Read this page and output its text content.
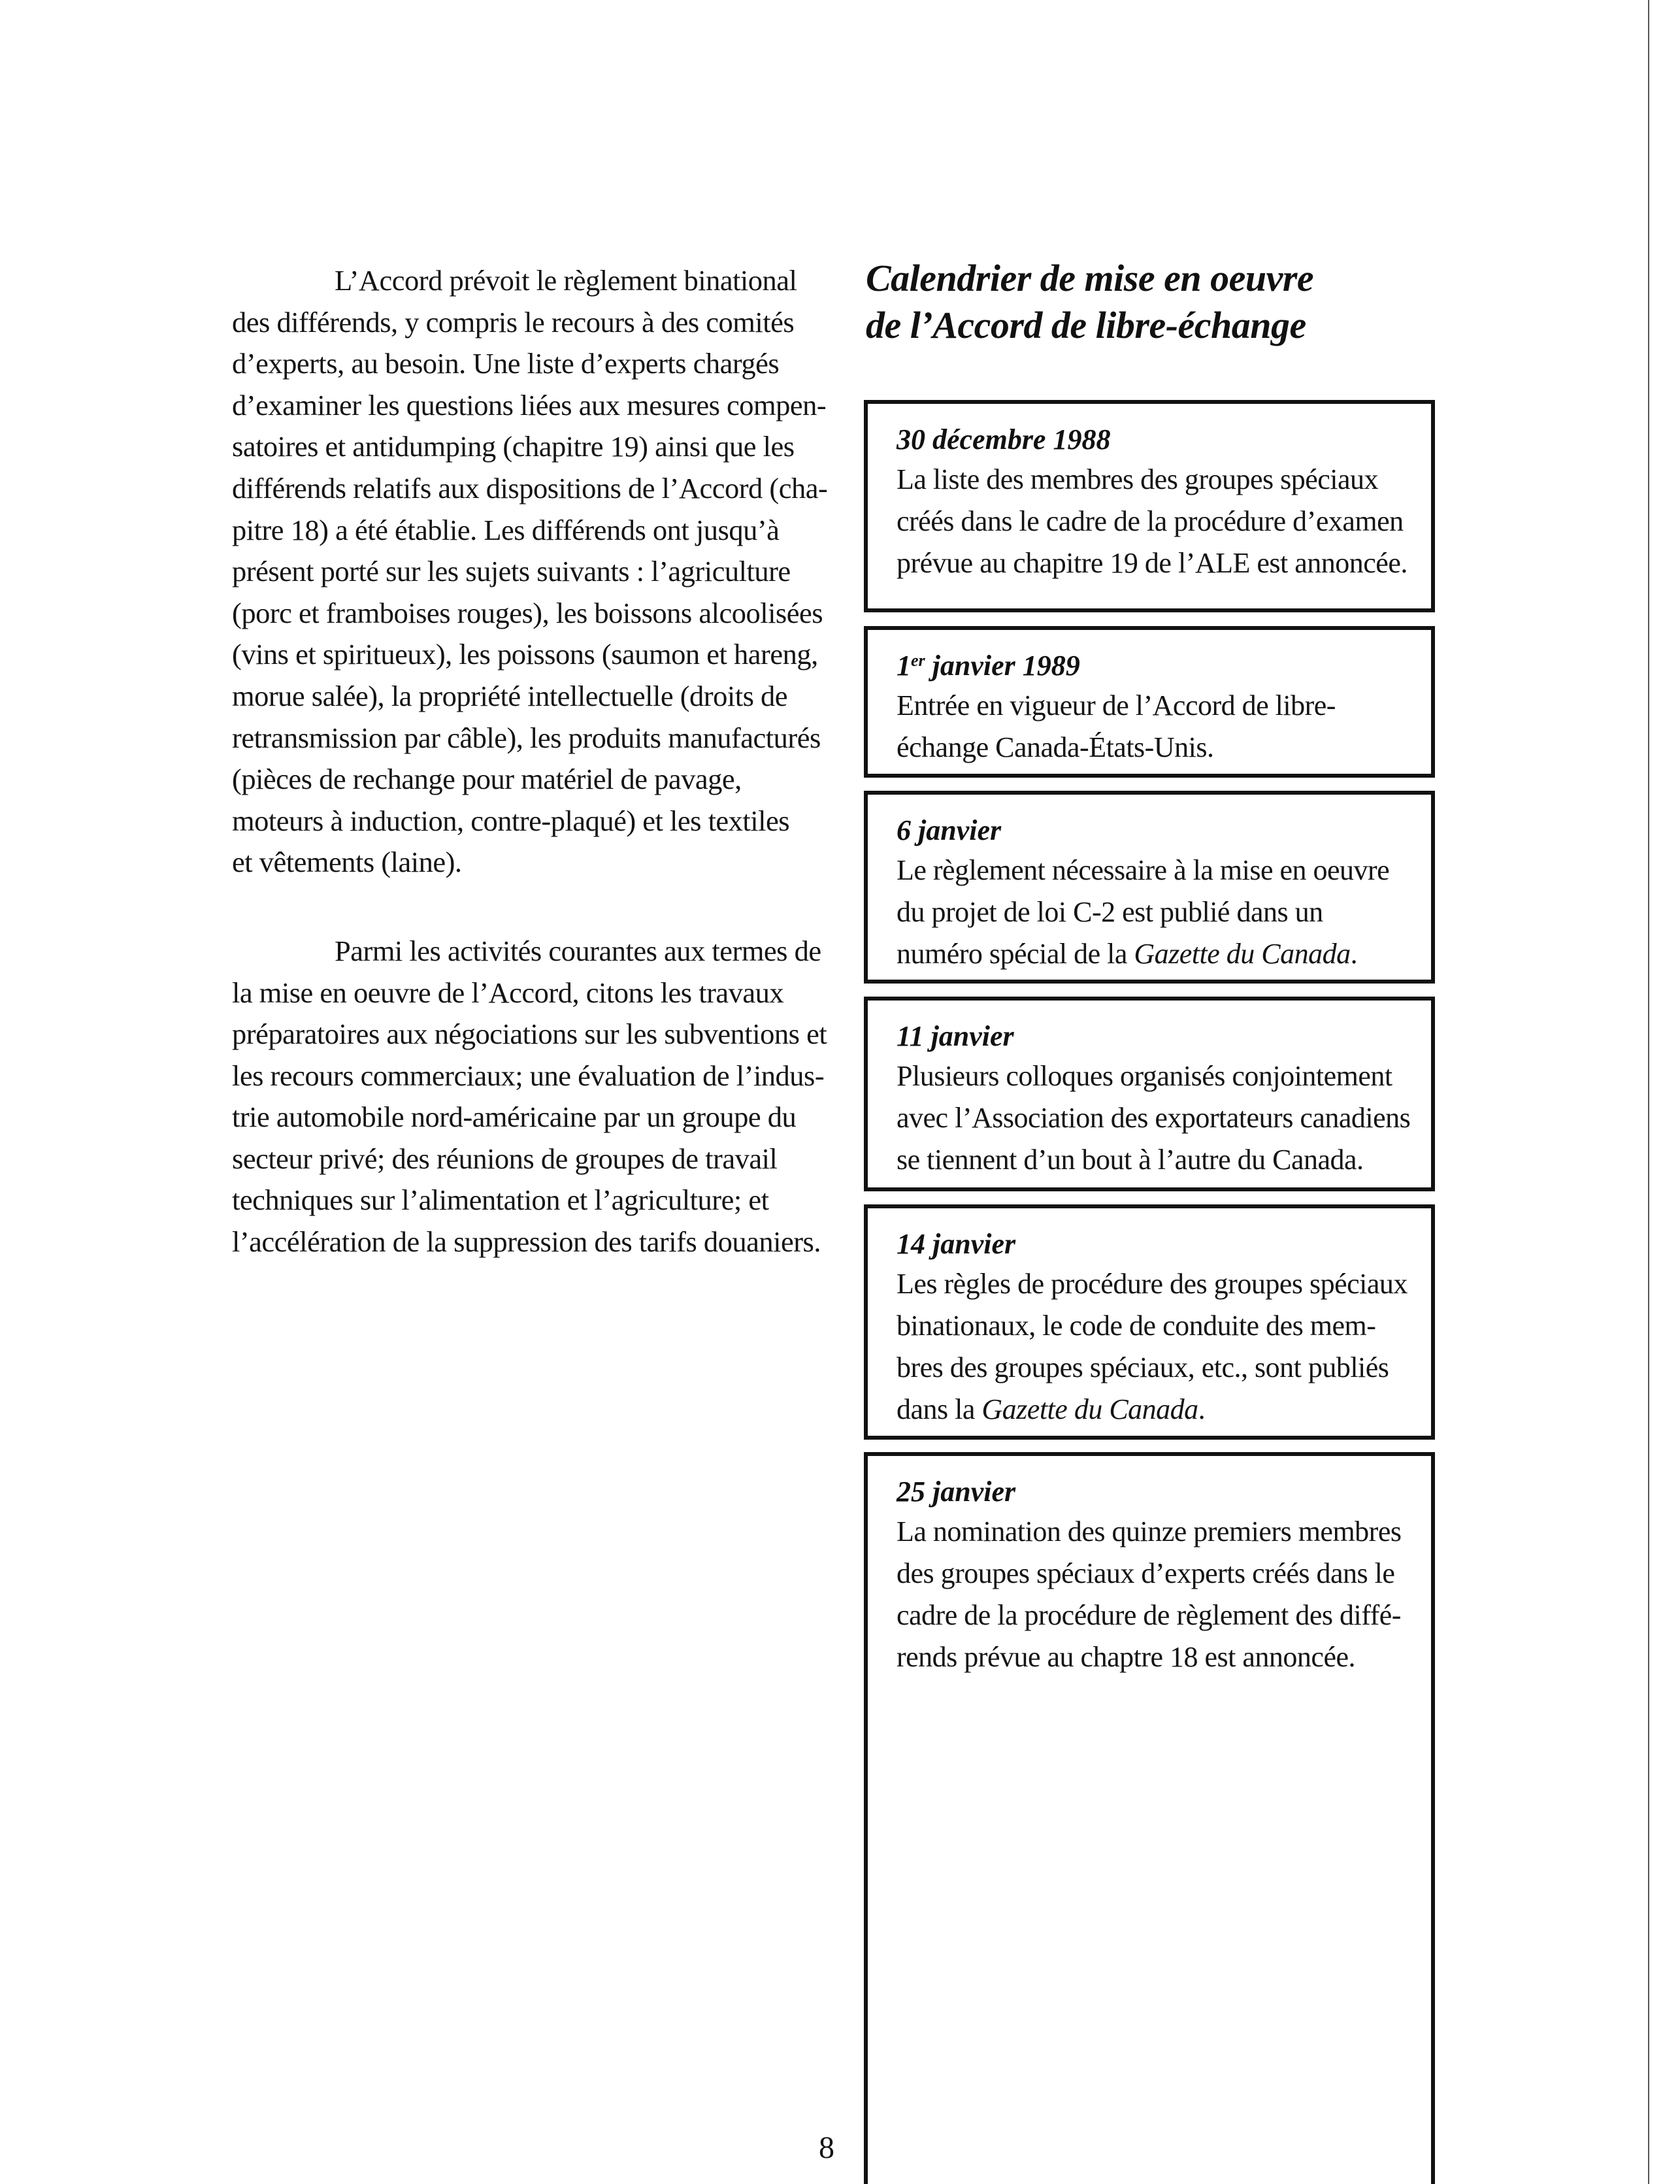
L’Accord prévoit le règlement binational
des différends, y compris le recours à des comités
d’experts, au besoin. Une liste d’experts chargés
d’examiner les questions liées aux mesures compen-
satoires et antidumping (chapitre 19) ainsi que les
différends relatifs aux dispositions de l’Accord (cha-
pitre 18) a été établie. Les différends ont jusqu’à
présent porté sur les sujets suivants : l’agriculture
(porc et framboises rouges), les boissons alcoolisées
(vins et spiritueux), les poissons (saumon et hareng,
morue salée), la propriété intellectuelle (droits de
retransmission par câble), les produits manufacturés
(pièces de rechange pour matériel de pavage,
moteurs à induction, contre-plaqué) et les textiles
et vêtements (laine).
Parmi les activités courantes aux termes de
la mise en oeuvre de l’Accord, citons les travaux
préparatoires aux négociations sur les subventions et
les recours commerciaux; une évaluation de l’indus-
trie automobile nord-américaine par un groupe du
secteur privé; des réunions de groupes de travail
techniques sur l’alimentation et l’agriculture; et
l’accélération de la suppression des tarifs douaniers.
Calendrier de mise en oeuvre
de l’Accord de libre-échange
30 décembre 1988
La liste des membres des groupes spéciaux
créés dans le cadre de la procédure d’examen
prévue au chapitre 19 de l’ALE est annoncée.
1er janvier 1989
Entrée en vigueur de l’Accord de libre-
échange Canada-États-Unis.
6 janvier
Le règlement nécessaire à la mise en oeuvre
du projet de loi C-2 est publié dans un
numéro spécial de la Gazette du Canada.
11 janvier
Plusieurs colloques organisés conjointement
avec l’Association des exportateurs canadiens
se tiennent d’un bout à l’autre du Canada.
14 janvier
Les règles de procédure des groupes spéciaux
binationaux, le code de conduite des mem-
bres des groupes spéciaux, etc., sont publiés
dans la Gazette du Canada.
25 janvier
La nomination des quinze premiers membres
des groupes spéciaux d’experts créés dans le
cadre de la procédure de règlement des diffé-
rends prévue au chaptre 18 est annoncée.
8
